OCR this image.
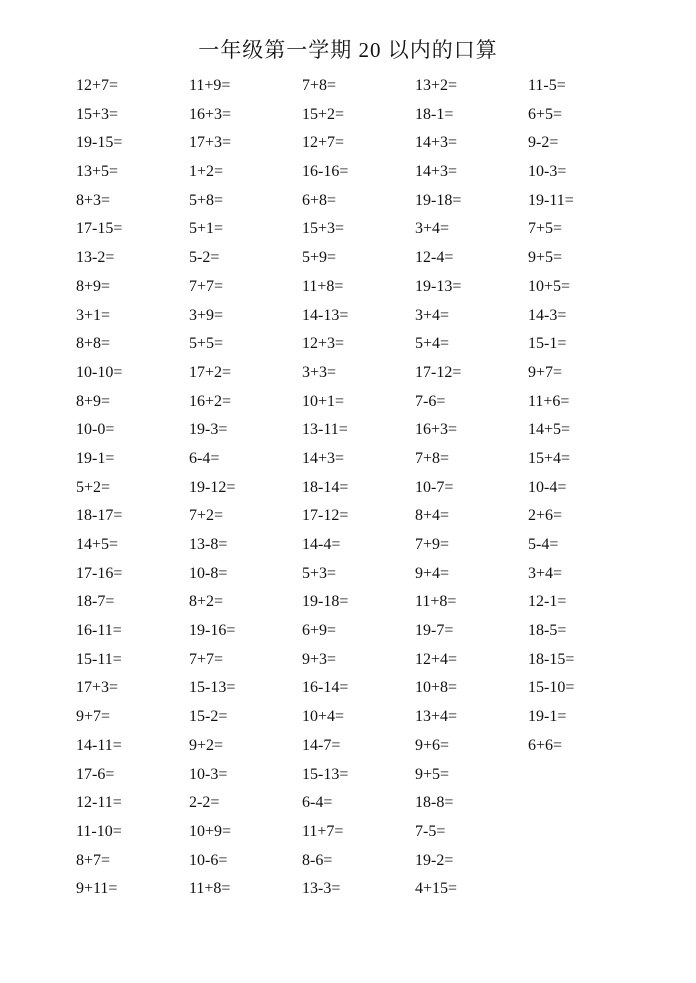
一年级第一学期 20 以内的口算
12+7=	11+9=	7+8=	13+2=	11-5=
15+3=	16+3=	15+2=	18-1=	6+5=
19-15=	17+3=	12+7=	14+3=	9-2=
13+5=	1+2=	16-16=	14+3=	10-3=
8+3=	5+8=	6+8=	19-18=	19-11=
17-15=	5+1=	15+3=	3+4=	7+5=
13-2=	5-2=	5+9=	12-4=	9+5=
8+9=	7+7=	11+8=	19-13=	10+5=
3+1=	3+9=	14-13=	3+4=	14-3=
8+8=	5+5=	12+3=	5+4=	15-1=
10-10=	17+2=	3+3=	17-12=	9+7=
8+9=	16+2=	10+1=	7-6=	11+6=
10-0=	19-3=	13-11=	16+3=	14+5=
19-1=	6-4=	14+3=	7+8=	15+4=
5+2=	19-12=	18-14=	10-7=	10-4=
18-17=	7+2=	17-12=	8+4=	2+6=
14+5=	13-8=	14-4=	7+9=	5-4=
17-16=	10-8=	5+3=	9+4=	3+4=
18-7=	8+2=	19-18=	11+8=	12-1=
16-11=	19-16=	6+9=	19-7=	18-5=
15-11=	7+7=	9+3=	12+4=	18-15=
17+3=	15-13=	16-14=	10+8=	15-10=
9+7=	15-2=	10+4=	13+4=	19-1=
14-11=	9+2=	14-7=	9+6=	6+6=
17-6=	10-3=	15-13=	9+5=
12-11=	2-2=	6-4=	18-8=
11-10=	10+9=	11+7=	7-5=
8+7=	10-6=	8-6=	19-2=
9+11=	11+8=	13-3=	4+15=
